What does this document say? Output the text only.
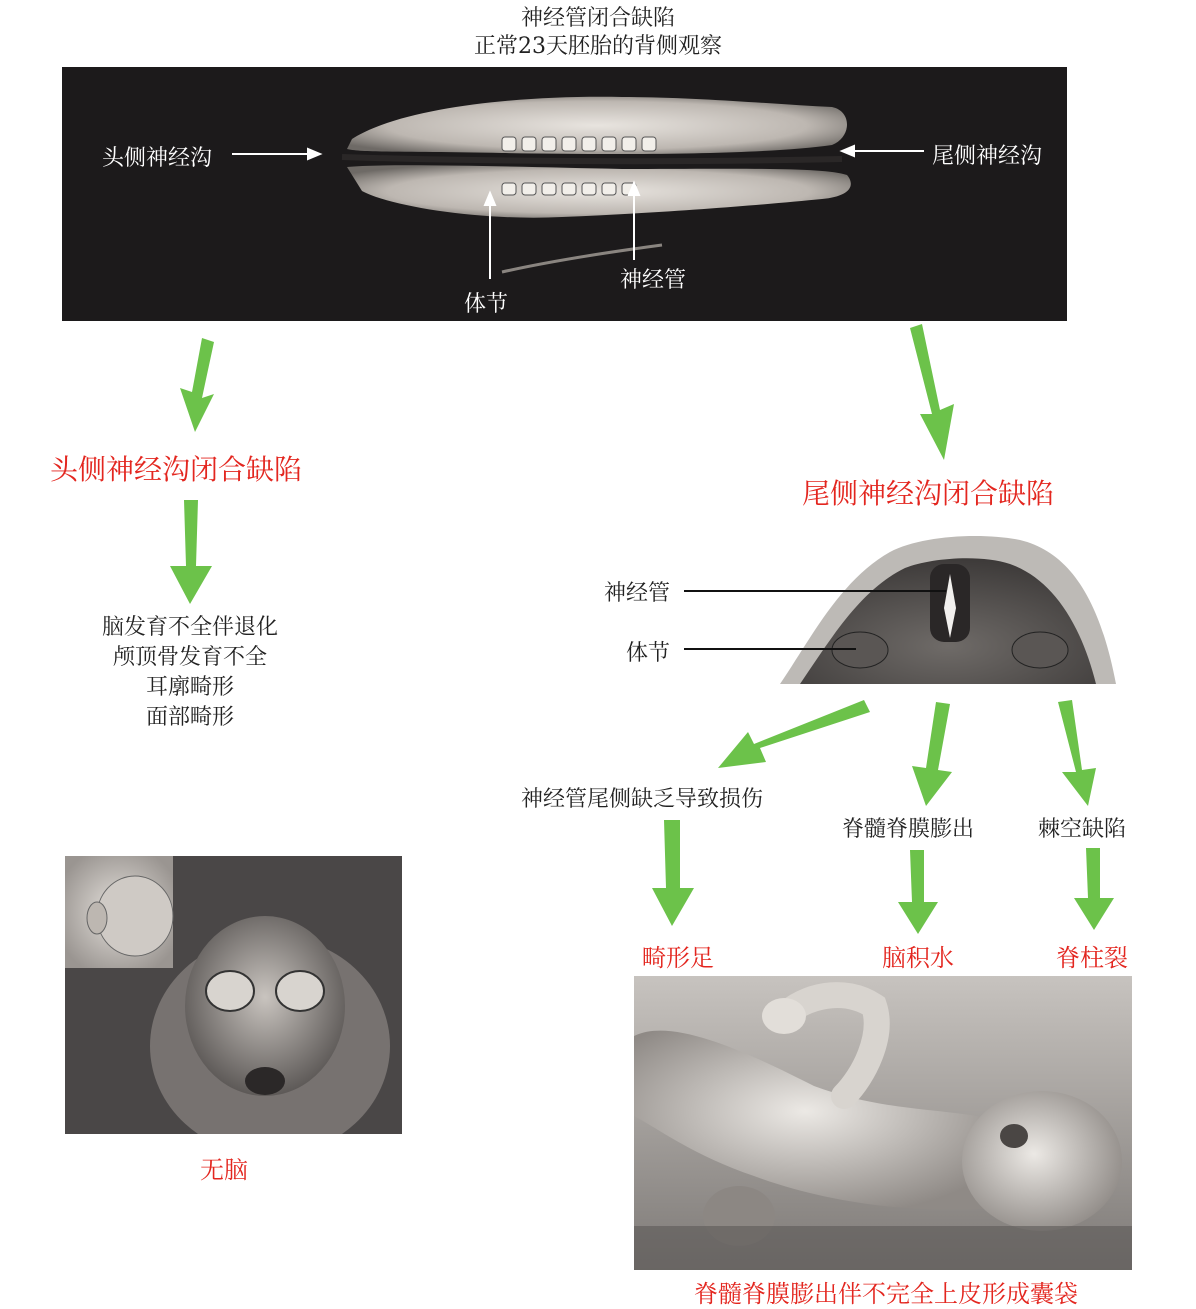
神经管闭合缺陷
正常23天胚胎的背侧观察
头侧神经沟	尾侧神经沟
体节
神经管
头侧神经沟闭合缺陷
脑发育不全伴退化
颅顶骨发育不全
耳廓畸形
面部畸形
无脑
尾侧神经沟闭合缺陷
神经管
体节
神经管尾侧缺乏导致损伤
脊髓脊膜膨出	棘空缺陷
畸形足	脑积水	脊柱裂
脊髓脊膜膨出伴不完全上皮形成囊袋
